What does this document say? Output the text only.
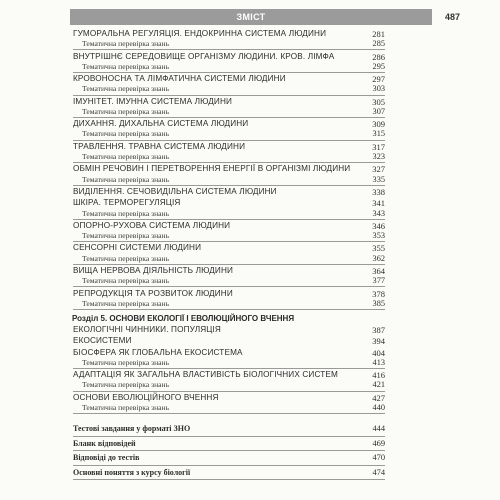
ЗМІСТ	487
ГУМОРАЛЬНА РЕГУЛЯЦІЯ. ЕНДОКРИННА СИСТЕМА ЛЮДИНИ	281
Тематична перевірка знань	285
ВНУТРІШНЄ СЕРЕДОВИЩЕ ОРГАНІЗМУ ЛЮДИНИ. КРОВ. ЛІМФА	286
Тематична перевірка знань	295
КРОВОНОСНА ТА ЛІМФАТИЧНА СИСТЕМИ ЛЮДИНИ	297
Тематична перевірка знань	303
ІМУНІТЕТ. ІМУННА СИСТЕМА ЛЮДИНИ	305
Тематична перевірка знань	307
ДИХАННЯ. ДИХАЛЬНА СИСТЕМА ЛЮДИНИ	309
Тематична перевірка знань	315
ТРАВЛЕННЯ. ТРАВНА СИСТЕМА ЛЮДИНИ	317
Тематична перевірка знань	323
ОБМІН РЕЧОВИН І ПЕРЕТВОРЕННЯ ЕНЕРГІЇ В ОРГАНІЗМІ ЛЮДИНИ	327
Тематична перевірка знань	335
ВИДІЛЕННЯ. СЕЧОВИДІЛЬНА СИСТЕМА ЛЮДИНИ	338
ШКІРА. ТЕРМОРЕГУЛЯЦІЯ	341
Тематична перевірка знань	343
ОПОРНО-РУХОВА СИСТЕМА ЛЮДИНИ	346
Тематична перевірка знань	353
СЕНСОРНІ СИСТЕМИ ЛЮДИНИ	355
Тематична перевірка знань	362
ВИЩА НЕРВОВА ДІЯЛЬНІСТЬ ЛЮДИНИ	364
Тематична перевірка знань	377
РЕПРОДУКЦІЯ ТА РОЗВИТОК ЛЮДИНИ	378
Тематична перевірка знань	385
Розділ 5. ОСНОВИ ЕКОЛОГІЇ І ЕВОЛЮЦІЙНОГО ВЧЕННЯ
ЕКОЛОГІЧНІ ЧИННИКИ. ПОПУЛЯЦІЯ	387
ЕКОСИСТЕМИ	394
БІОСФЕРА ЯК ГЛОБАЛЬНА ЕКОСИСТЕМА	404
Тематична перевірка знань	413
АДАПТАЦІЯ ЯК ЗАГАЛЬНА ВЛАСТИВІСТЬ БІОЛОГІЧНИХ СИСТЕМ	416
Тематична перевірка знань	421
ОСНОВИ ЕВОЛЮЦІЙНОГО ВЧЕННЯ	427
Тематична перевірка знань	440
Тестові завдання у форматі ЗНО	444
Бланк відповідей	469
Відповіді до тестів	470
Основні поняття з курсу біології	474
